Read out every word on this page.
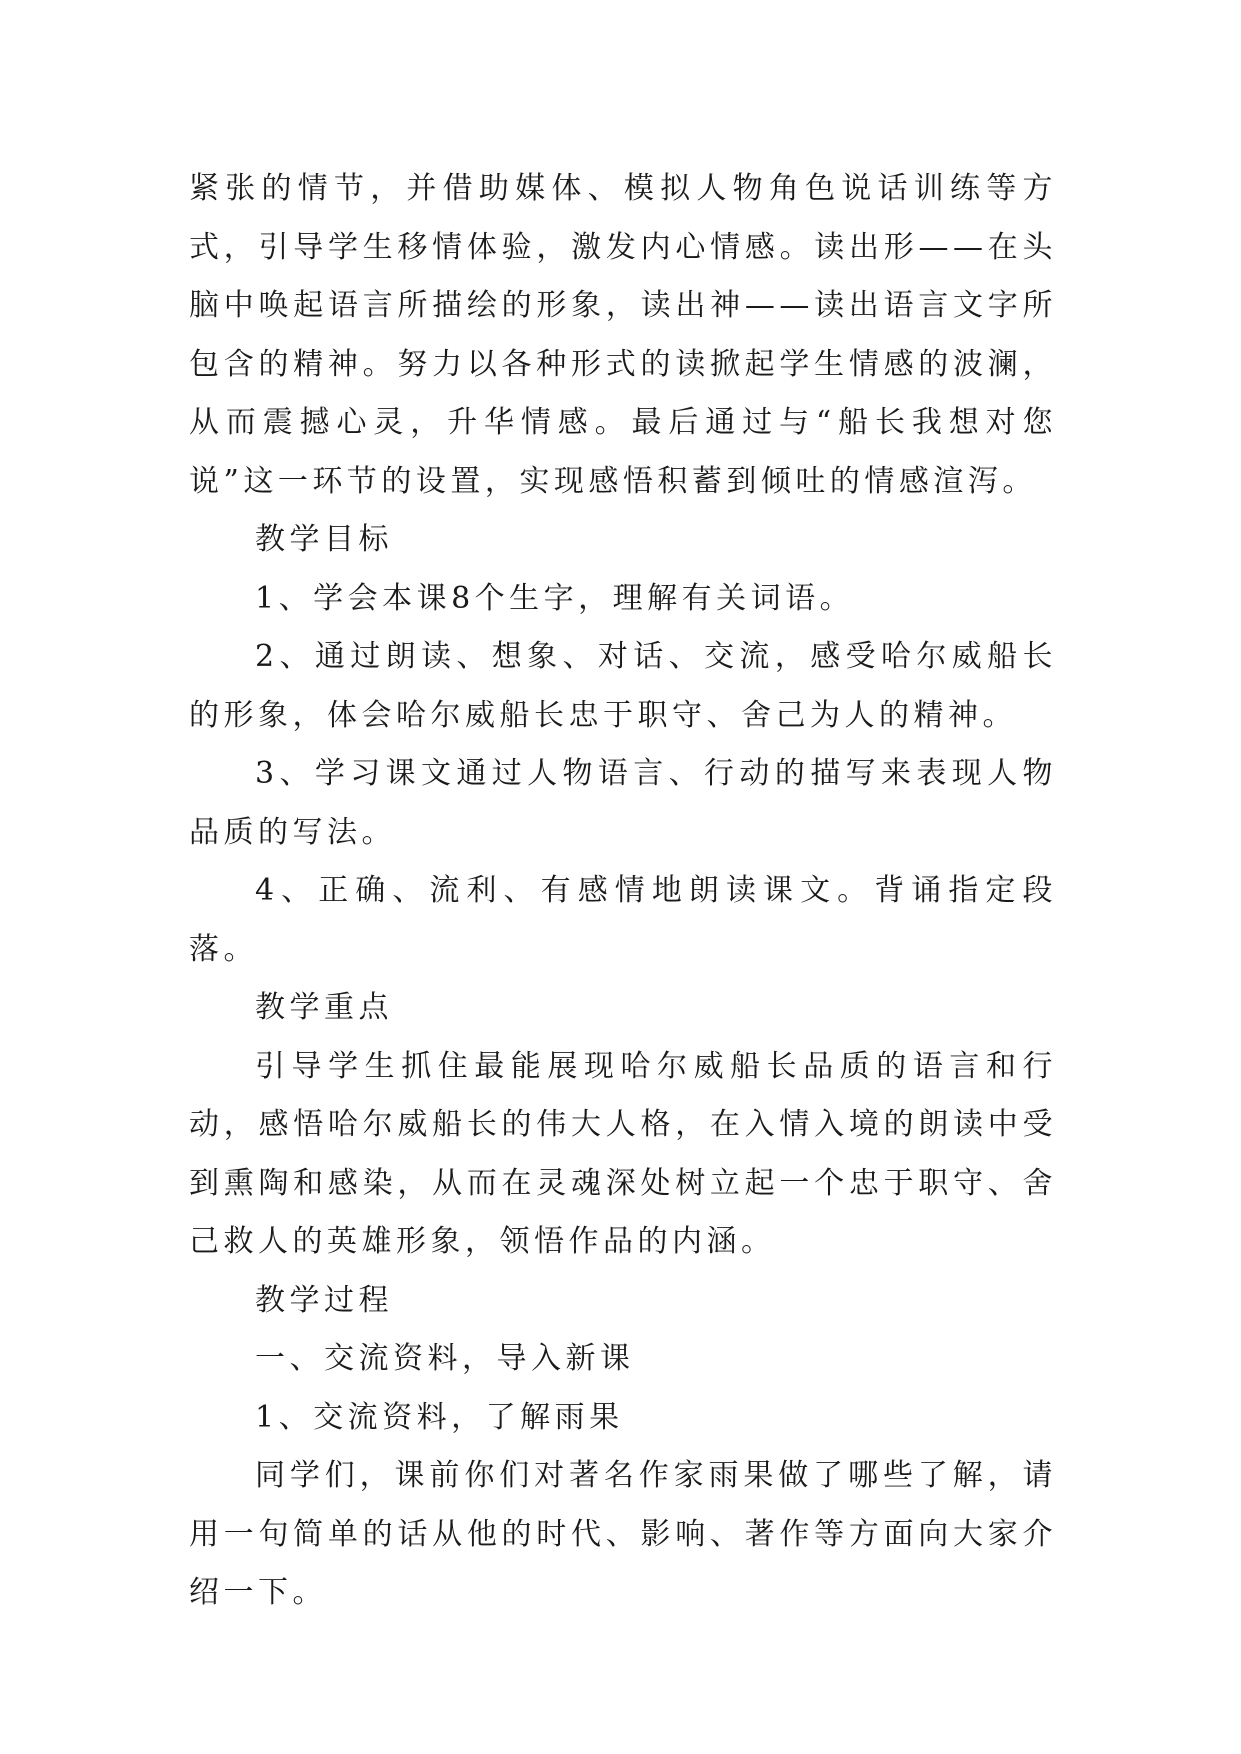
紧张的情节，并借助媒体、模拟人物角色说话训练等方式，引导学生移情体验，激发内心情感。读出形——在头脑中唤起语言所描绘的形象，读出神——读出语言文字所包含的精神。努力以各种形式的读掀起学生情感的波澜，从而震撼心灵，升华情感。最后通过与“船长我想对您说”这一环节的设置，实现感悟积蓄到倾吐的情感渲泻。

教学目标

1、学会本课8个生字，理解有关词语。

2、通过朗读、想象、对话、交流，感受哈尔威船长的形象，体会哈尔威船长忠于职守、舍己为人的精神。

3、学习课文通过人物语言、行动的描写来表现人物品质的写法。

4、正确、流利、有感情地朗读课文。背诵指定段落。

教学重点

引导学生抓住最能展现哈尔威船长品质的语言和行动，感悟哈尔威船长的伟大人格，在入情入境的朗读中受到熏陶和感染，从而在灵魂深处树立起一个忠于职守、舍己救人的英雄形象，领悟作品的内涵。

教学过程

一、交流资料，导入新课

1、交流资料，了解雨果

同学们，课前你们对著名作家雨果做了哪些了解，请用一句简单的话从他的时代、影响、著作等方面向大家介绍一下。
